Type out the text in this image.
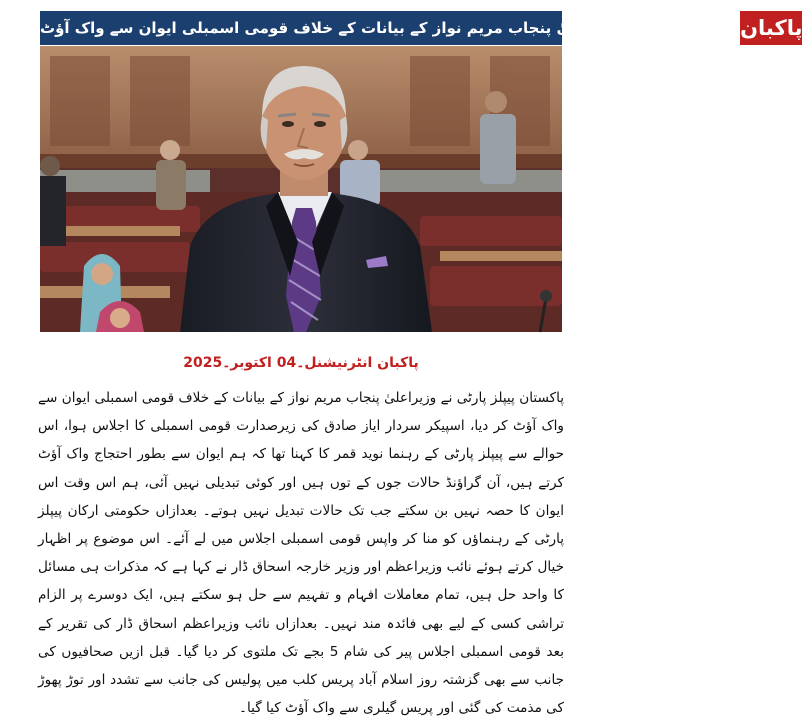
پیپلز پارٹی کا وزیراعلیٰ پنجاب مریم نواز کے بیانات کے خلاف قومی اسمبلی ایوان سے واک آؤٹ پاکبان
پاکبان انٹرنیشنل۔04 اکتوبر۔2025

پاکستان پیپلز پارٹی نے وزیراعلیٰ پنجاب مریم نواز کے بیانات کے خلاف قومی اسمبلی ایوان سے واک آؤٹ کر دیا، اسپیکر سردار ایاز صادق کی زیرصدارت قومی اسمبلی کا اجلاس ہوا، اس حوالے سے پیپلز پارٹی کے رہنما نوید قمر کا کہنا تھا کہ ہم ایوان سے بطور احتجاج واک آؤٹ کرتے ہیں، آن گراؤنڈ حالات جوں کے توں ہیں اور کوئی تبدیلی نہیں آئی، ہم اس وقت اس ایوان کا حصہ نہیں بن سکتے جب تک حالات تبدیل نہیں ہوتے۔ بعدازاں حکومتی ارکان پیپلز پارٹی کے رہنماؤں کو منا کر واپس قومی اسمبلی اجلاس میں لے آئے۔ اس موضوع پر اظہار خیال کرتے ہوئے نائب وزیراعظم اور وزیر خارجہ اسحاق ڈار نے کہا ہے کہ مذکرات ہی مسائل کا واحد حل ہیں، تمام معاملات افہام و تفہیم سے حل ہو سکتے ہیں، ایک دوسرے پر الزام تراشی کسی کے لیے بھی فائدہ مند نہیں۔ بعدازاں نائب وزیراعظم اسحاق ڈار کی تقریر کے بعد قومی اسمبلی اجلاس پیر کی شام 5 بجے تک ملتوی کر دیا گیا۔ قبل ازیں صحافیوں کی جانب سے بھی گزشتہ روز اسلام آباد پریس کلب میں پولیس کی جانب سے تشدد اور توڑ پھوڑ کی مذمت کی گئی اور پریس گیلری سے واک آؤٹ کیا گیا۔
